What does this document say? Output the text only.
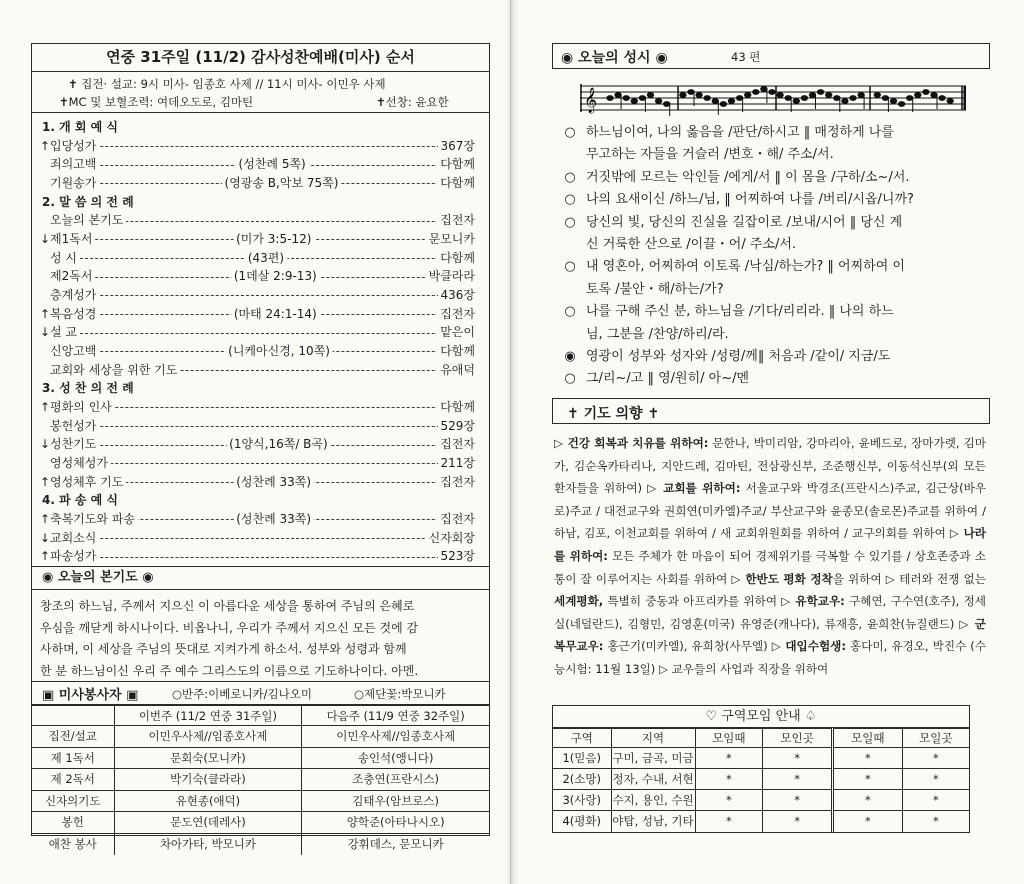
연중 31주일 (11/2) 감사성찬예배(미사) 순서
✝ 집전· 설교: 9시 미사- 임종호 사제 // 11시 미사- 이민우 사제
✝MC 및 보혈조력: 여데오도로, 김마틴	✝선창: 윤요한
1. 개 회 예 식
↑ 입당성가	367장
죄의고백	(성찬례 5쪽)	다함께
기원송가	(영광송 B,악보 75쪽)	다함께
2. 말 씀 의 전 례
오늘의 본기도	집전자
↓ 제1독서	(미가 3:5-12)	문모니카
성 시	(43편)	다함께
제2독서	(1데살 2:9-13)	박클라라
층계성가	436장
↑ 복음성경	(마태 24:1-14)	집전자
↓ 설 교	맡은이
신앙고백	(니케아신경, 10쪽)	다함께
교회와 세상을 위한 기도	유애덕
3. 성 찬 의 전 례
↑ 평화의 인사	다함께
봉헌성가	529장
↓ 성찬기도	(1양식,16쪽/ B곡)	집전자
영성체성가	211장
↑ 영성체후 기도	(성찬례 33쪽)	집전자
4. 파 송 예 식
↑ 축복기도와 파송	(성찬례 33쪽)	집전자
↓ 교회소식	신자회장
↑ 파송성가	523장
◉ 오늘의 본기도 ◉
창조의 하느님, 주께서 지으신 이 아름다운 세상을 통하여 주님의 은혜로
우심을 깨닫게 하시나이다. 비옵나니, 우리가 주께서 지으신 모든 것에 감
사하며, 이 세상을 주님의 뜻대로 지켜가게 하소서. 성부와 성령과 함께
한 분 하느님이신 우리 주 예수 그리스도의 이름으로 기도하나이다. 아멘.
▣ 미사봉사자 ▣	○반주:이베로니카/김나오미	○제단꽃:박모니카
	이번주 (11/2 연중 31주일)	다음주 (11/9 연중 32주일)
집전/설교	이민우사제//임종호사제	이민우사제//임종호사제
제 1독서	문회숙(모니카)	송인석(앵니다)
제 2독서	박기숙(클라라)	조충연(프란시스)
신자의기도	유현종(애덕)	김태우(암브로스)
봉헌	문도연(데레사)	양학준(아타나시오)
애찬 봉사	차아가타, 박모니카	강휘데스, 문모니카
◉ 오늘의 성시 ◉	43 편
𝄞
○ 하느님이여, 나의 옳음을 /판단/하시고 ‖ 매정하게 나를
무고하는 자들을 거슬러 /변호・해/ 주소/서.
○ 거짓밖에 모르는 악인들 /에게/서 ‖ 이 몸을 /구하/소~/서.
○ 나의 요새이신 /하느/님, ‖ 어찌하여 나를 /버리/시옵/니까?
○ 당신의 빛, 당신의 진실을 길잡이로 /보내/시어 ‖ 당신 계
신 거룩한 산으로 /이끌・어/ 주소/서.
○ 내 영혼아, 어찌하여 이토록 /낙심/하는가? ‖ 어찌하여 이
토록 /불안・해/하는/가?
○ 나를 구해 주신 분, 하느님을 /기다/리리라. ‖ 나의 하느
님, 그분을 /찬양/하리/라.
◉ 영광이 성부와 성자와 /성령/께‖ 처음과 /같이/ 지금/도
○ 그/리~/고 ‖ 영/원히/ 아~/멘
✝ 기도 의향 ✝
▷ 건강 회복과 치유를 위하여: 문한나, 박미리암, 강마리아, 윤베드로, 장마가렛, 김마가, 김순옥카타리나, 지안드레, 김마틴, 전삼광신부, 조준행신부, 이동석신부(외 모든 환자들을 위하여) ▷ 교회를 위하여: 서울교구와 박경조(프란시스)주교, 김근상(바우로)주교 / 대전교구와 권희연(미카엘)주교/ 부산교구와 윤종모(솔로몬)주교를 위하여 / 하남, 김포, 이천교회를 위하여 / 새 교회위원회를 위하여 / 교구의회를 위하여 ▷ 나라를 위하여: 모든 주체가 한 마음이 되어 경제위기를 극복할 수 있기를 / 상호존중과 소통이 잘 이루어지는 사회를 위하여 ▷ 한반도 평화 정착을 위하여 ▷ 테러와 전쟁 없는 세계평화, 특별히 중동과 아프리카를 위하여 ▷ 유학교우: 구혜연, 구수연(호주), 정세실(네덜란드), 김형민, 김영훈(미국) 유영준(캐나다), 류재흥, 윤희찬(뉴질랜드) ▷ 군복무교우: 홍근기(미카엘), 유희창(사무엘) ▷ 대입수험생: 홍다미, 유경오, 박진수 (수능시험: 11월 13일) ▷ 교우들의 사업과 직장을 위하여
♡ 구역모임 안내 ♤
구역	지역	모임때	모인곳	모일때	모일곳
1(믿음)	구미, 금곡, 미금	*	*	*	*
2(소망)	정자, 수내, 서현	*	*	*	*
3(사랑)	수지, 용인, 수원	*	*	*	*
4(평화)	야탑, 성남, 기타	*	*	*	*
